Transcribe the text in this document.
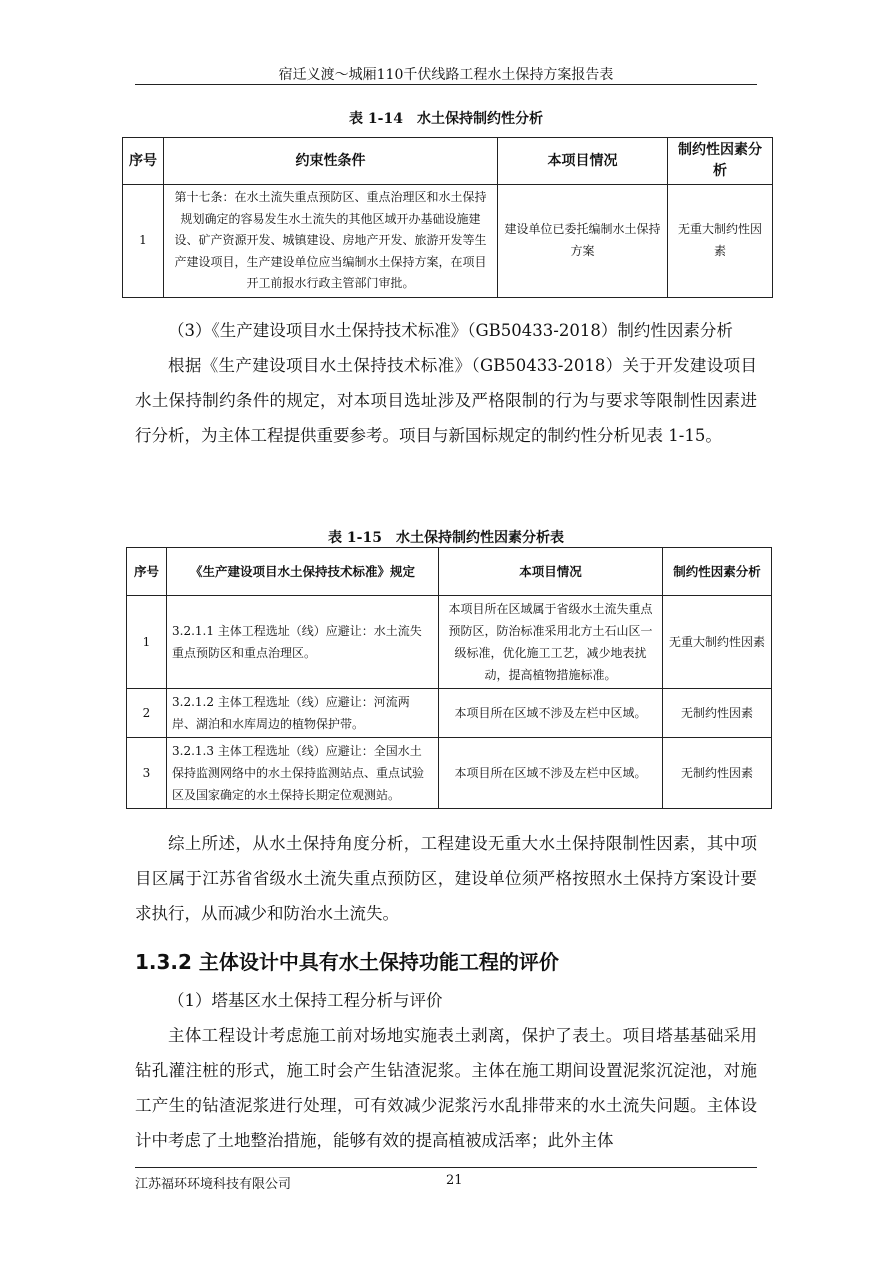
宿迁义渡～城厢110千伏线路工程水土保持方案报告表
表 1-14　水土保持制约性分析
序号	约束性条件	本项目情况	制约性因素分析
1	第十七条：在水土流失重点预防区、重点治理区和水土保持规划确定的容易发生水土流失的其他区域开办基础设施建设、矿产资源开发、城镇建设、房地产开发、旅游开发等生产建设项目，生产建设单位应当编制水土保持方案，在项目开工前报水行政主管部门审批。	建设单位已委托编制水土保持方案	无重大制约性因素

（3）《生产建设项目水土保持技术标准》（GB50433-2018）制约性因素分析

根据《生产建设项目水土保持技术标准》（GB50433-2018）关于开发建设项目水土保持制约条件的规定，对本项目选址涉及严格限制的行为与要求等限制性因素进行分析，为主体工程提供重要参考。项目与新国标规定的制约性分析见表 1-15。

表 1-15　水土保持制约性因素分析表
序号	《生产建设项目水土保持技术标准》规定	本项目情况	制约性因素分析
1	3.2.1.1 主体工程选址（线）应避让：水土流失重点预防区和重点治理区。	本项目所在区域属于省级水土流失重点预防区，防治标准采用北方土石山区一级标准，优化施工工艺，减少地表扰动，提高植物措施标准。	无重大制约性因素
2	3.2.1.2 主体工程选址（线）应避让：河流两岸、湖泊和水库周边的植物保护带。	本项目所在区域不涉及左栏中区域。	无制约性因素
3	3.2.1.3 主体工程选址（线）应避让：全国水土保持监测网络中的水土保持监测站点、重点试验区及国家确定的水土保持长期定位观测站。	本项目所在区域不涉及左栏中区域。	无制约性因素

综上所述，从水土保持角度分析，工程建设无重大水土保持限制性因素，其中项目区属于江苏省省级水土流失重点预防区，建设单位须严格按照水土保持方案设计要求执行，从而减少和防治水土流失。

1.3.2 主体设计中具有水土保持功能工程的评价

（1）塔基区水土保持工程分析与评价

主体工程设计考虑施工前对场地实施表土剥离，保护了表土。项目塔基基础采用钻孔灌注桩的形式，施工时会产生钻渣泥浆。主体在施工期间设置泥浆沉淀池，对施工产生的钻渣泥浆进行处理，可有效减少泥浆污水乱排带来的水土流失问题。主体设计中考虑了土地整治措施，能够有效的提高植被成活率；此外主体

江苏福环环境科技有限公司	21
